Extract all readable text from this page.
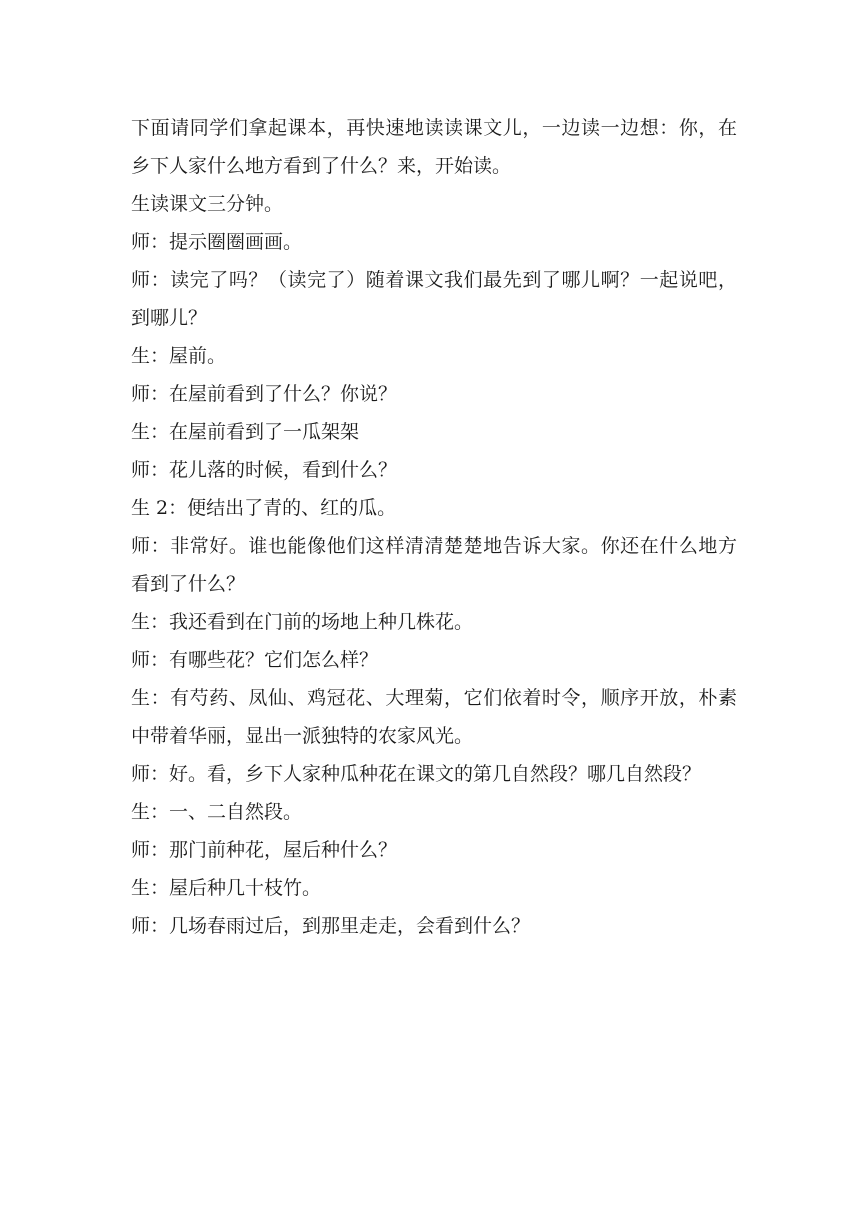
下面请同学们拿起课本，再快速地读读课文儿，一边读一边想：你，在乡下人家什么地方看到了什么？来，开始读。

生读课文三分钟。

师：提示圈圈画画。

师：读完了吗？（读完了）随着课文我们最先到了哪儿啊？一起说吧，到哪儿？

生：屋前。

师：在屋前看到了什么？你说？

生：在屋前看到了一瓜架架

师：花儿落的时候，看到什么？

生 2：便结出了青的、红的瓜。

师：非常好。谁也能像他们这样清清楚楚地告诉大家。你还在什么地方看到了什么？

生：我还看到在门前的场地上种几株花。

师：有哪些花？它们怎么样？

生：有芍药、凤仙、鸡冠花、大理菊，它们依着时令，顺序开放，朴素中带着华丽，显出一派独特的农家风光。

师：好。看，乡下人家种瓜种花在课文的第几自然段？哪几自然段？

生：一、二自然段。

师：那门前种花，屋后种什么？

生：屋后种几十枝竹。

师：几场春雨过后，到那里走走，会看到什么？
